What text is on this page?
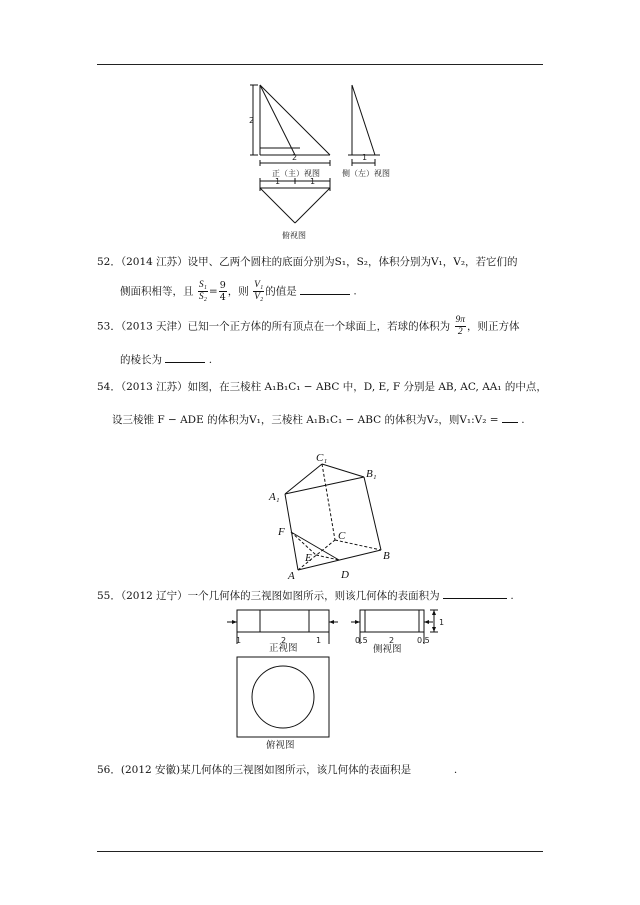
2
2
正（主）视图
1
侧（左）视图
1	1
俯视图
52．（2014 江苏）设甲、乙两个圆柱的底面分别为S₁，S₂，体积分别为V₁，V₂，若它们的
侧面积相等，且 $\frac{\text{S₁}}{\text{S₂}} = \frac{9}{4}$ ，则 $\frac{\text{V₁}}{\text{V₂}}$ 的值是	.
53．（2013 天津）已知一个正方体的所有顶点在一个球面上，若球的体积为 $\frac{9\pi}{2}$ ，则正方体
的棱长为	.
54．（2013 江苏）如图，在三棱柱 A₁B₁C₁ − ABC 中，D, E, F 分别是 AB, AC, AA₁ 的中点，
设三棱锥 F − ADE 的体积为V₁，三棱柱 A₁B₁C₁ − ABC 的体积为V₂，则V₁:V₂ = .
C₁
B₁
A₁
F	C
E
A	D
B
55．（2012 辽宁）一个几何体的三视图如图所示，则该几何体的表面积为	.
1	2	1
正视图
0.5	2	0.5
1
侧视图
俯视图
56．(2012 安徽)某几何体的三视图如图所示，该几何体的表面积是	.
